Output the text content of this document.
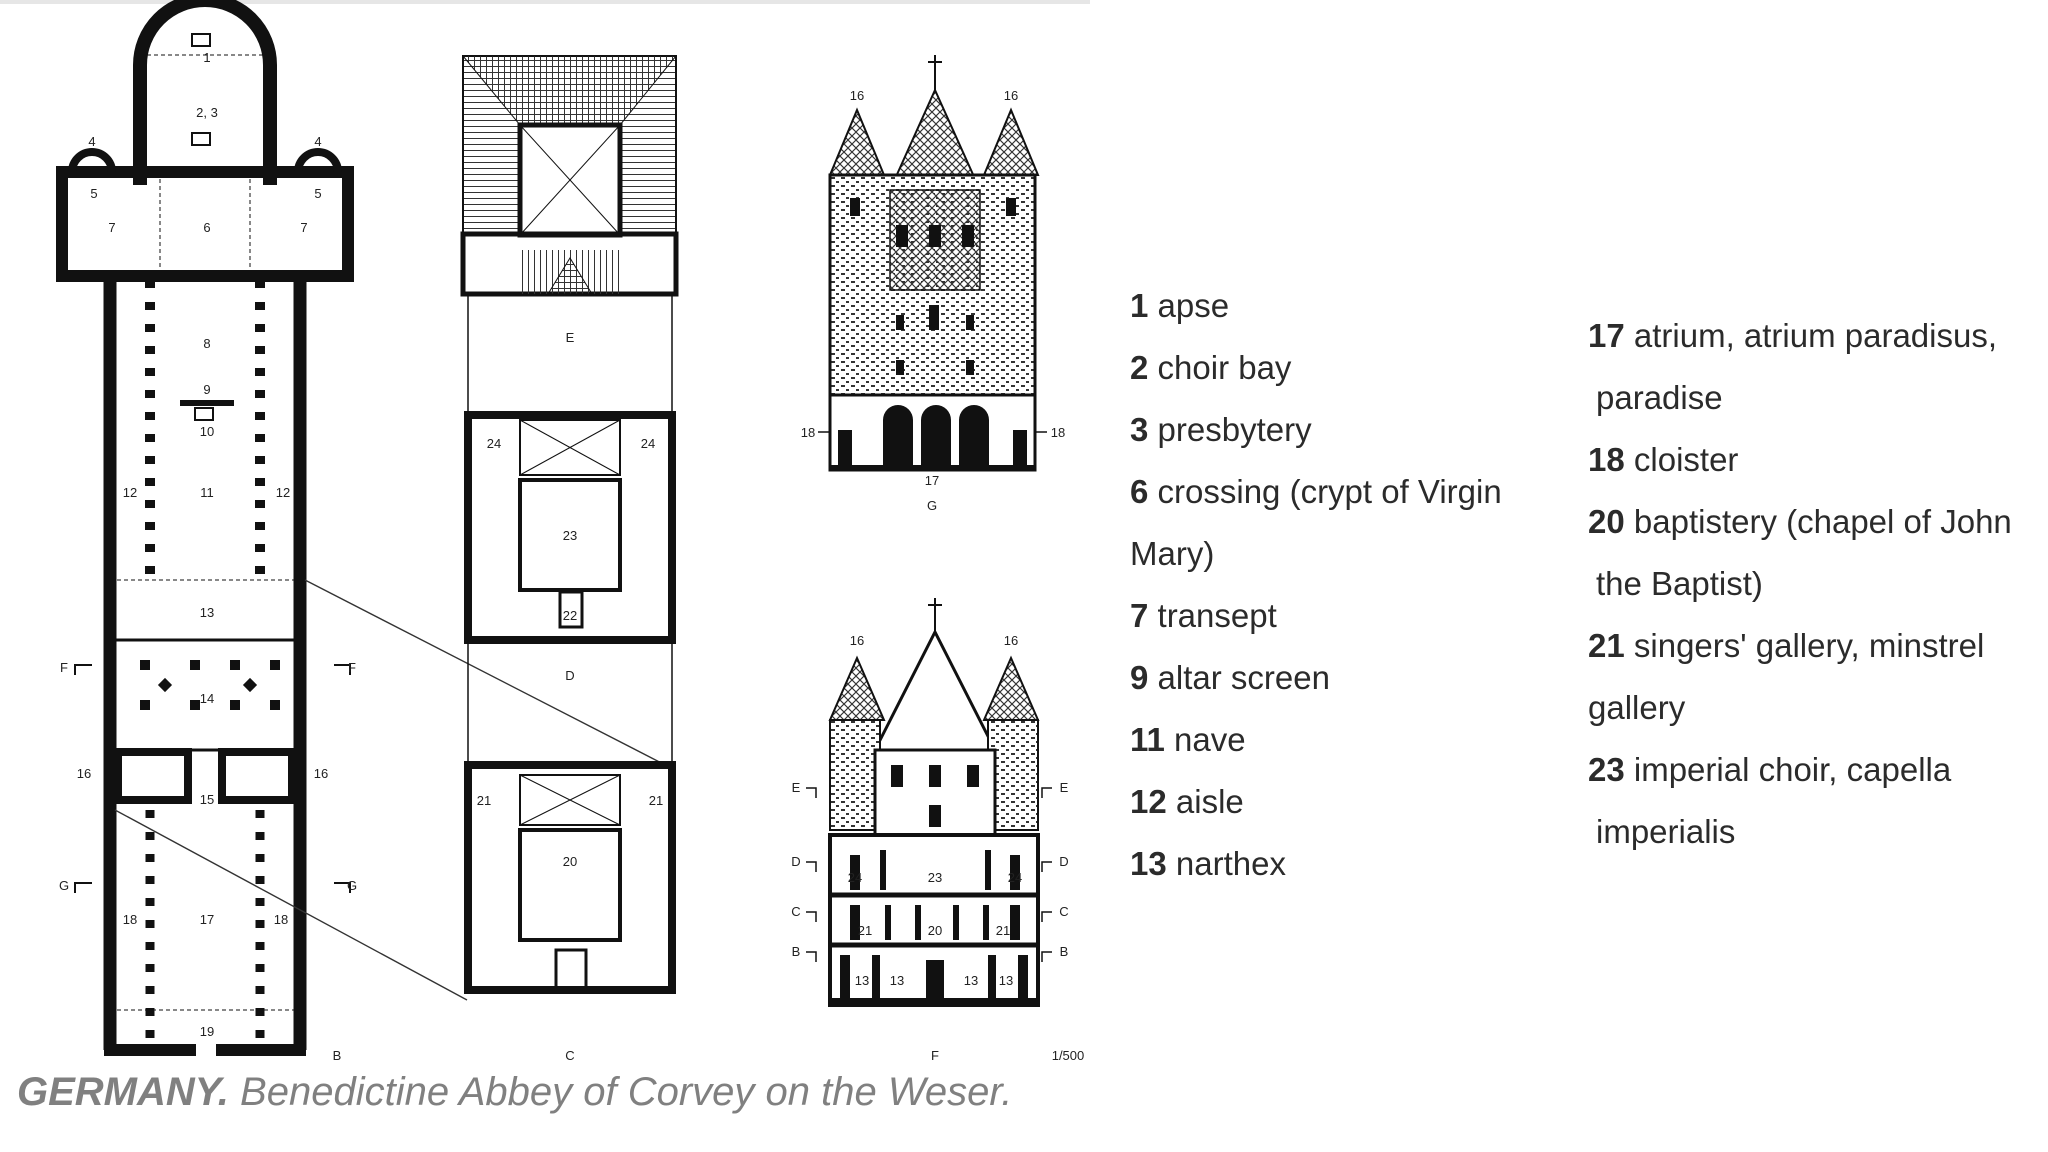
1
2, 3
4	4
5	5
6
7	7
8
9
10
11
12	12
13
14
15
16	16
17
18	18
19
F	F
G	G
B
E
24	24
23
22
D
21	21
20
C
16	16
18	18
17
G
16	16
E	E
D	D
C	C
B	B
24	23	24
21	20	21
13 13	13 13
F	1/500
GERMANY. Benedictine Abbey of Corvey on the Weser.
1 apse
2 choir bay
3 presbytery
6 crossing (crypt of Virgin
Mary)
7 transept
9 altar screen
11 nave
12 aisle
13 narthex
17 atrium, atrium paradisus,
paradise
18 cloister
20 baptistery (chapel of John
the Baptist)
21 singers' gallery, minstrel
gallery
23 imperial choir, capella
imperialis
